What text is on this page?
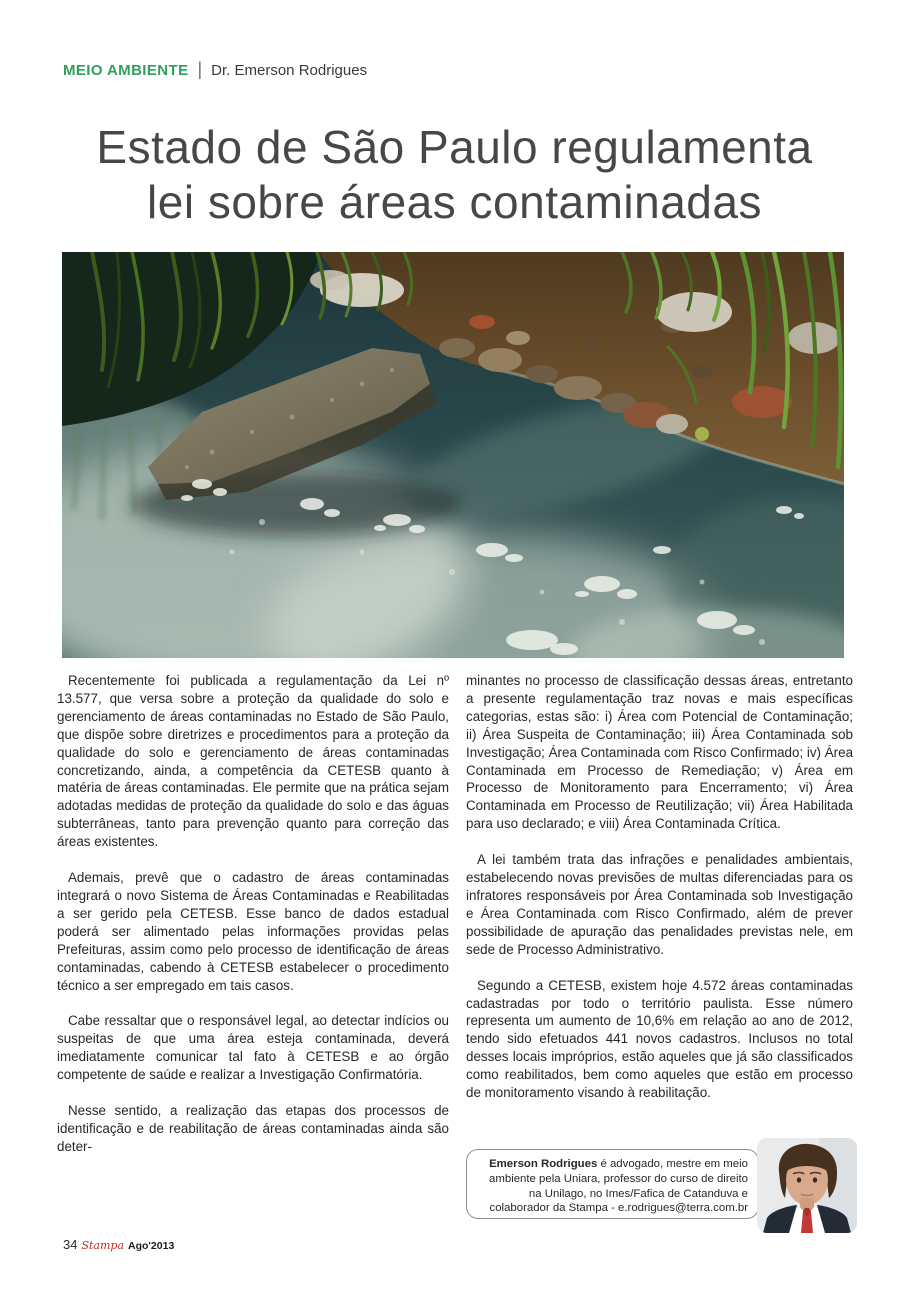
MEIO AMBIENTE | Dr. Emerson Rodrigues
Estado de São Paulo regulamenta
lei sobre áreas contaminadas

Recentemente foi publicada a regulamentação da Lei nº 13.577, que versa sobre a proteção da qualidade do solo e gerenciamento de áreas contaminadas no Estado de São Paulo, que dispõe sobre diretrizes e procedimentos para a proteção da qualidade do solo e gerenciamento de áreas contaminadas concretizando, ainda, a competência da CETESB quanto à matéria de áreas contaminadas. Ele permite que na prática sejam adotadas medidas de proteção da qualidade do solo e das águas subterrâneas, tanto para prevenção quanto para correção das áreas existentes.

Ademais, prevê que o cadastro de áreas contaminadas integrará o novo Sistema de Áreas Contaminadas e Reabilitadas a ser gerido pela CETESB. Esse banco de dados estadual poderá ser alimentado pelas informações providas pelas Prefeituras, assim como pelo processo de identificação de áreas contaminadas, cabendo à CETESB estabelecer o procedimento técnico a ser empregado em tais casos.

Cabe ressaltar que o responsável legal, ao detectar indícios ou suspeitas de que uma área esteja contaminada, deverá imediatamente comunicar tal fato à CETESB e ao órgão competente de saúde e realizar a Investigação Confirmatória.

Nesse sentido, a realização das etapas dos processos de identificação e de reabilitação de áreas contaminadas ainda são deter-

minantes no processo de classificação dessas áreas, entretanto a presente regulamentação traz novas e mais específicas categorias, estas são: i) Área com Potencial de Contaminação; ii) Área Suspeita de Contaminação; iii) Área Contaminada sob Investigação; Área Contaminada com Risco Confirmado; iv) Área Contaminada em Processo de Remediação; v) Área em Processo de Monitoramento para Encerramento; vi) Área Contaminada em Processo de Reutilização; vii) Área Habilitada para uso declarado; e viii) Área Contaminada Crítica.

A lei também trata das infrações e penalidades ambientais, estabelecendo novas previsões de multas diferenciadas para os infratores responsáveis por Área Contaminada sob Investigação e Área Contaminada com Risco Confirmado, além de prever possibilidade de apuração das penalidades previstas nele, em sede de Processo Administrativo.

Segundo a CETESB, existem hoje 4.572 áreas contaminadas cadastradas por todo o território paulista. Esse número representa um aumento de 10,6% em relação ao ano de 2012, tendo sido efetuados 441 novos cadastros. Inclusos no total desses locais impróprios, estão aqueles que já são classificados como reabilitados, bem como aqueles que estão em processo de monitoramento visando à reabilitação.

Emerson Rodrigues é advogado, mestre em meio ambiente pela Uniara, professor do curso de direito na Unilago, no Imes/Fafica de Catanduva e colaborador da Stampa - e.rodrigues@terra.com.br
34 Stampa Ago'2013
